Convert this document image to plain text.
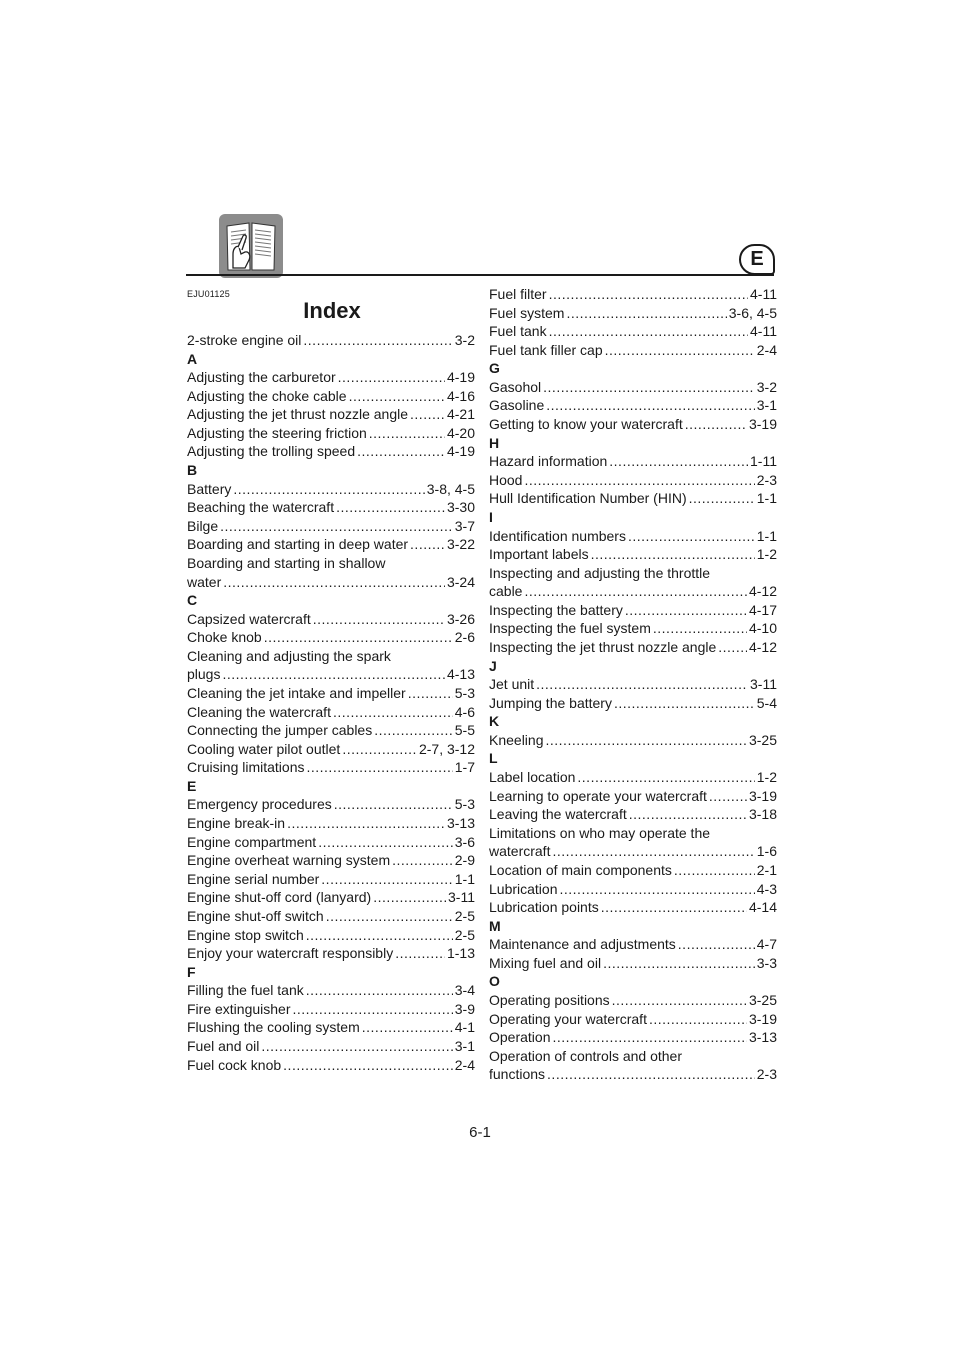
E
EJU01125
Index
2-stroke engine oil .....	3-2
A
Adjusting the carburetor .....	4-19
Adjusting the choke cable .....	4-16
Adjusting the jet thrust nozzle angle .....	4-21
Adjusting the steering friction .....	4-20
Adjusting the trolling speed .....	4-19
B
Battery .....	3-8, 4-5
Beaching the watercraft .....	3-30
Bilge .....	3-7
Boarding and starting in deep water .....	3-22
Boarding and starting in shallow
water .....	3-24
C
Capsized watercraft .....	3-26
Choke knob .....	2-6
Cleaning and adjusting the spark
plugs .....	4-13
Cleaning the jet intake and impeller .....	5-3
Cleaning the watercraft .....	4-6
Connecting the jumper cables .....	5-5
Cooling water pilot outlet .....	2-7, 3-12
Cruising limitations .....	1-7
E
Emergency procedures .....	5-3
Engine break-in .....	3-13
Engine compartment .....	3-6
Engine overheat warning system .....	2-9
Engine serial number .....	1-1
Engine shut-off cord (lanyard) .....	3-11
Engine shut-off switch .....	2-5
Engine stop switch .....	2-5
Enjoy your watercraft responsibly .....	1-13
F
Filling the fuel tank .....	3-4
Fire extinguisher .....	3-9
Flushing the cooling system .....	4-1
Fuel and oil .....	3-1
Fuel cock knob .....	2-4
Fuel filter .....	4-11
Fuel system .....	3-6, 4-5
Fuel tank .....	4-11
Fuel tank filler cap .....	2-4
G
Gasohol .....	3-2
Gasoline .....	3-1
Getting to know your watercraft .....	3-19
H
Hazard information .....	1-11
Hood .....	2-3
Hull Identification Number (HIN) .....	1-1
I
Identification numbers .....	1-1
Important labels .....	1-2
Inspecting and adjusting the throttle
cable .....	4-12
Inspecting the battery .....	4-17
Inspecting the fuel system .....	4-10
Inspecting the jet thrust nozzle angle ..... 4-12
J
Jet unit .....	3-11
Jumping the battery .....	5-4
K
Kneeling .....	3-25
L
Label location .....	1-2
Learning to operate your watercraft .....	3-19
Leaving the watercraft .....	3-18
Limitations on who may operate the
watercraft .....	1-6
Location of main components .....	2-1
Lubrication .....	4-3
Lubrication points .....	4-14
M
Maintenance and adjustments .....	4-7
Mixing fuel and oil .....	3-3
O
Operating positions .....	3-25
Operating your watercraft .....	3-19
Operation .....	3-13
Operation of controls and other
functions .....	2-3
6-1
